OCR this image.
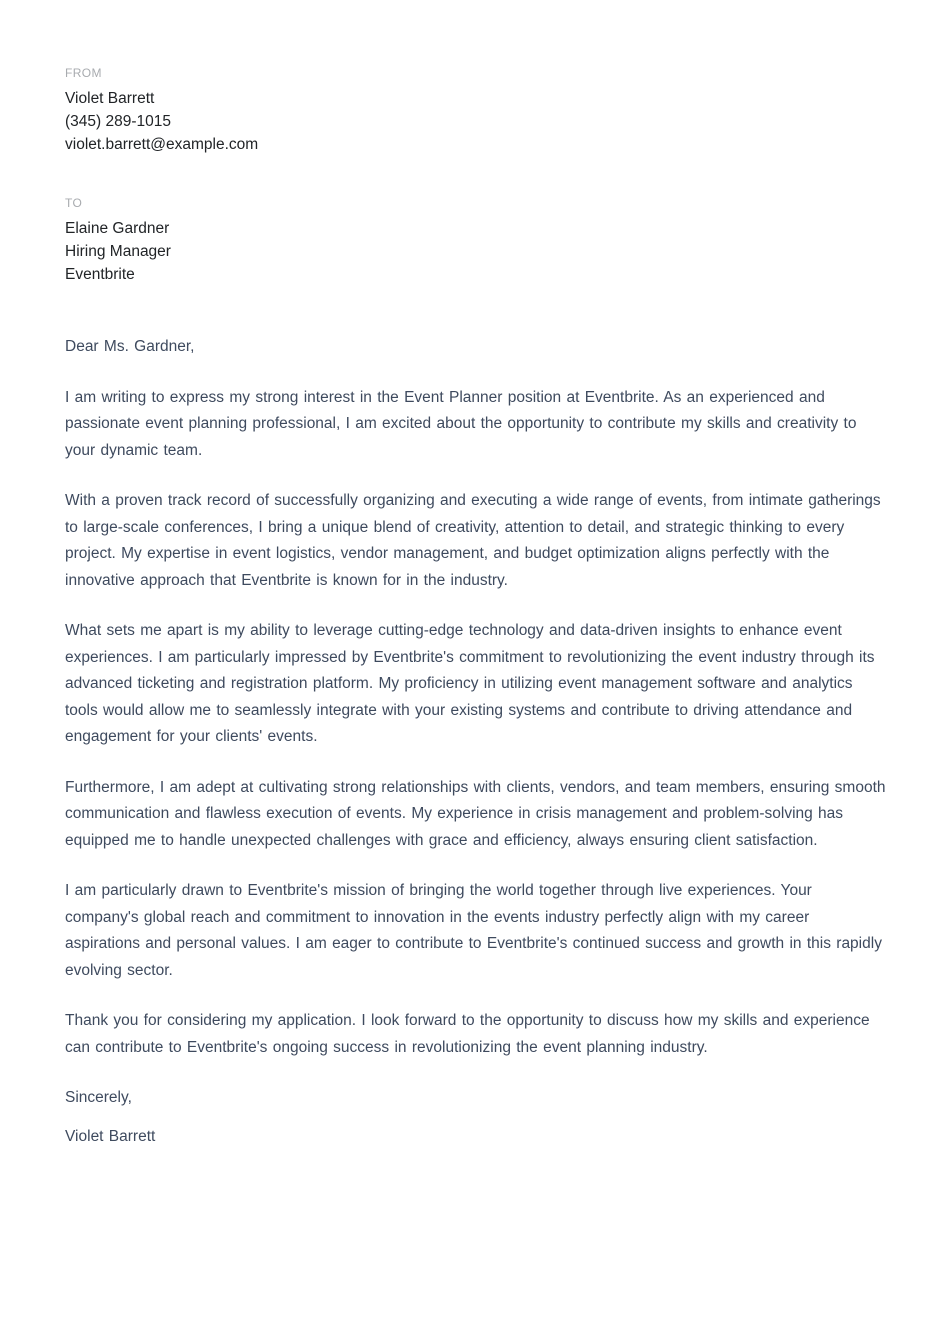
FROM
Violet Barrett
(345) 289-1015
violet.barrett@example.com
TO
Elaine Gardner
Hiring Manager
Eventbrite

Dear Ms. Gardner,

I am writing to express my strong interest in the Event Planner position at Eventbrite. As an experienced and passionate event planning professional, I am excited about the opportunity to contribute my skills and creativity to your dynamic team.

With a proven track record of successfully organizing and executing a wide range of events, from intimate gatherings to large-scale conferences, I bring a unique blend of creativity, attention to detail, and strategic thinking to every project. My expertise in event logistics, vendor management, and budget optimization aligns perfectly with the innovative approach that Eventbrite is known for in the industry.

What sets me apart is my ability to leverage cutting-edge technology and data-driven insights to enhance event experiences. I am particularly impressed by Eventbrite's commitment to revolutionizing the event industry through its advanced ticketing and registration platform. My proficiency in utilizing event management software and analytics tools would allow me to seamlessly integrate with your existing systems and contribute to driving attendance and engagement for your clients' events.

Furthermore, I am adept at cultivating strong relationships with clients, vendors, and team members, ensuring smooth communication and flawless execution of events. My experience in crisis management and problem-solving has equipped me to handle unexpected challenges with grace and efficiency, always ensuring client satisfaction.

I am particularly drawn to Eventbrite's mission of bringing the world together through live experiences. Your company's global reach and commitment to innovation in the events industry perfectly align with my career aspirations and personal values. I am eager to contribute to Eventbrite's continued success and growth in this rapidly evolving sector.

Thank you for considering my application. I look forward to the opportunity to discuss how my skills and experience can contribute to Eventbrite's ongoing success in revolutionizing the event planning industry.

Sincerely,

Violet Barrett
